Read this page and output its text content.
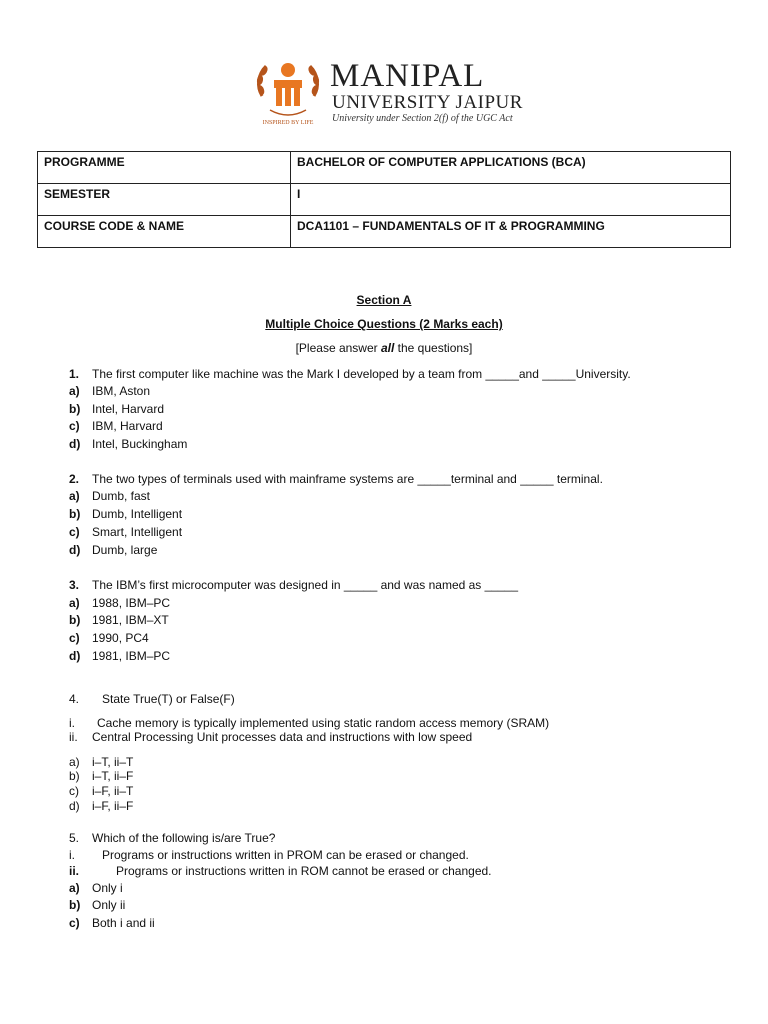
INSPIRED BY LIFE
MANIPAL
UNIVERSITY JAIPUR
University under Section 2(f) of the UGC Act
PROGRAMME	BACHELOR OF COMPUTER APPLICATIONS (BCA)
SEMESTER	I
COURSE CODE & NAME	DCA1101 – FUNDAMENTALS OF IT & PROGRAMMING
Section A
Multiple Choice Questions (2 Marks each)
[Please answer all the questions]
1. The first computer like machine was the Mark I developed by a team from _____and _____University.
a) IBM, Aston
b) Intel, Harvard
c) IBM, Harvard
d) Intel, Buckingham
2. The two types of terminals used with mainframe systems are _____terminal and _____ terminal.
a) Dumb, fast
b) Dumb, Intelligent
c) Smart, Intelligent
d) Dumb, large
3. The IBM’s first microcomputer was designed in _____ and was named as _____
a) 1988, IBM–PC
b) 1981, IBM–XT
c) 1990, PC4
d) 1981, IBM–PC
4. State True(T) or False(F)
i. Cache memory is typically implemented using static random access memory (SRAM)
ii. Central Processing Unit processes data and instructions with low speed
a) i–T, ii–T
b) i–T, ii–F
c) i–F, ii–T
d) i–F, ii–F
5. Which of the following is/are True?
i. Programs or instructions written in PROM can be erased or changed.
ii.	Programs or instructions written in ROM cannot be erased or changed.
a) Only i
b) Only ii
c) Both i and ii
